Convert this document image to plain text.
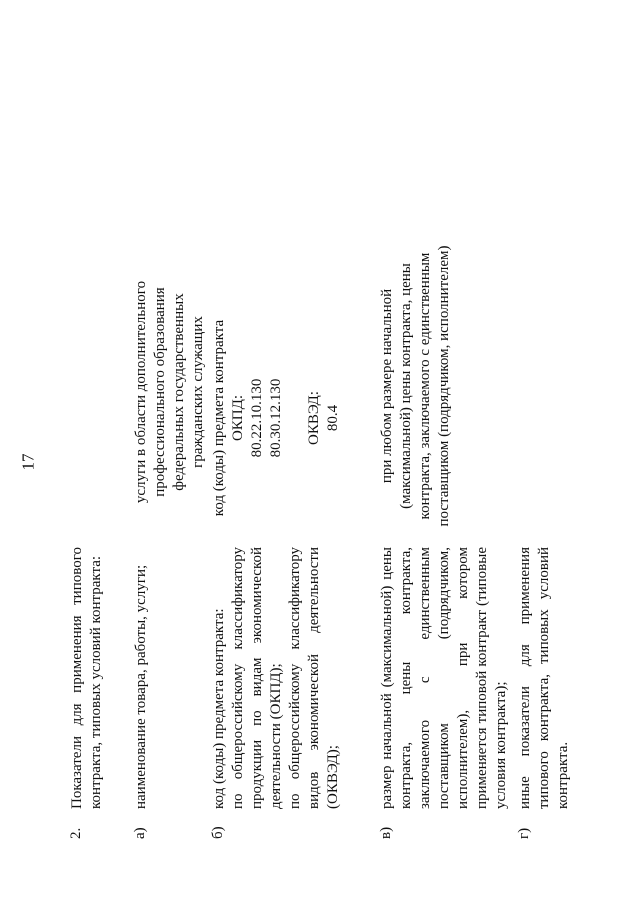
17
2.
Показатели для применения типового контракта, типовых условий контракта:
а)
наименование товара, работы, услуги;
услуги в области дополнительного профессионального образования федеральных государственных гражданских служащих
б)
код (коды) предмета контракта:
по общероссийскому классификатору продукции по видам экономической деятельности (ОКПД);
по общероссийскому классификатору видов экономической деятельности (ОКВЭД);
код (коды) предмета контракта
ОКПД:
80.22.10.130
80.30.12.130

ОКВЭД:
80.4
в)
размер начальной (максимальной) цены контракта, цены контракта, заключаемого с единственным поставщиком (подрядчиком, исполнителем), при котором применяется типовой контракт (типовые условия контракта);
при любом размере начальной (максимальной) цены контракта, цены контракта, заключаемого с единственным поставщиком (подрядчиком, исполнителем)
г)
иные показатели для применения типового контракта, типовых условий контракта.
